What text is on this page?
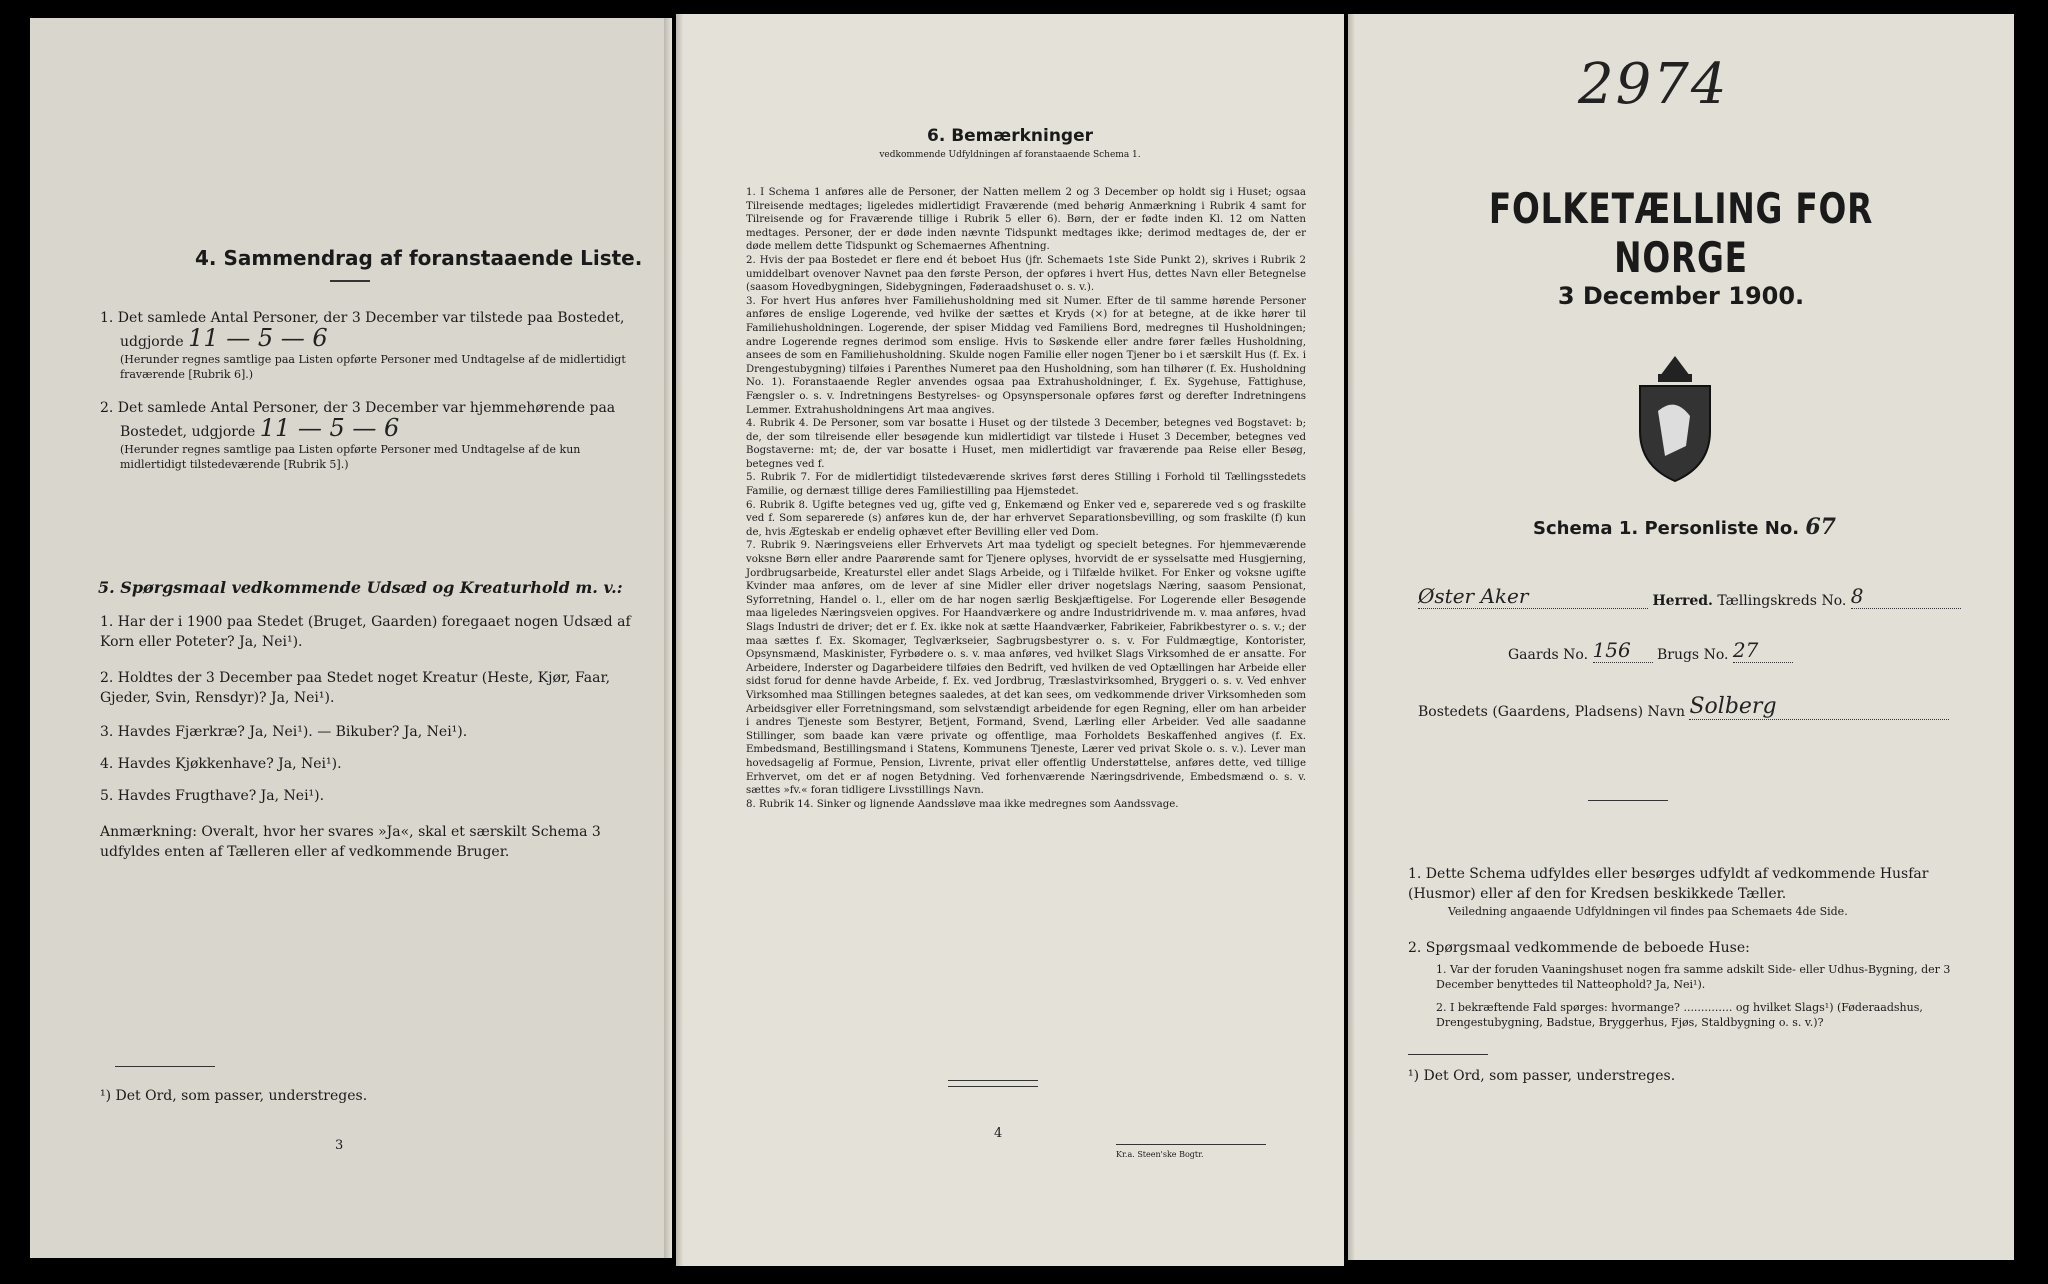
4. Sammendrag af foranstaaende Liste.
1. Det samlede Antal Personer, der 3 December var tilstede paa Bostedet,
udgjorde 11 — 5 — 6
(Herunder regnes samtlige paa Listen opførte Personer med Undtagelse af de midlertidigt fraværende [Rubrik 6].)
2. Det samlede Antal Personer, der 3 December var hjemmehørende paa
Bostedet, udgjorde 11 — 5 — 6
(Herunder regnes samtlige paa Listen opførte Personer med Undtagelse af de kun midlertidigt tilstedeværende [Rubrik 5].)
5. Spørgsmaal vedkommende Udsæd og Kreaturhold m. v.:
1. Har der i 1900 paa Stedet (Bruget, Gaarden) foregaaet nogen Udsæd af Korn eller Poteter? Ja, Nei¹).
2. Holdtes der 3 December paa Stedet noget Kreatur (Heste, Kjør, Faar, Gjeder, Svin, Rensdyr)? Ja, Nei¹).
3. Havdes Fjærkræ? Ja, Nei¹). — Bikuber? Ja, Nei¹).
4. Havdes Kjøkkenhave? Ja, Nei¹).
5. Havdes Frugthave? Ja, Nei¹).
Anmærkning: Overalt, hvor her svares »Ja«, skal et særskilt Schema 3 udfyldes enten af Tælleren eller af vedkommende Bruger.
¹) Det Ord, som passer, understreges.
3
6. Bemærkninger
vedkommende Udfyldningen af foranstaaende Schema 1.

1. I Schema 1 anføres alle de Personer, der Natten mellem 2 og 3 December op holdt sig i Huset; ogsaa Tilreisende medtages; ligeledes midlertidigt Fraværende (med behørig Anmærkning i Rubrik 4 samt for Tilreisende og for Fraværende tillige i Rubrik 5 eller 6). Børn, der er fødte inden Kl. 12 om Natten medtages. Personer, der er døde inden nævnte Tidspunkt medtages ikke; derimod medtages de, der er døde mellem dette Tidspunkt og Schemaernes Afhentning.

2. Hvis der paa Bostedet er flere end ét beboet Hus (jfr. Schemaets 1ste Side Punkt 2), skrives i Rubrik 2 umiddelbart ovenover Navnet paa den første Person, der opføres i hvert Hus, dettes Navn eller Betegnelse (saasom Hovedbygningen, Sidebygningen, Føderaadshuset o. s. v.).

3. For hvert Hus anføres hver Familiehusholdning med sit Numer. Efter de til samme hørende Personer anføres de enslige Logerende, ved hvilke der sættes et Kryds (×) for at betegne, at de ikke hører til Familiehusholdningen. Logerende, der spiser Middag ved Familiens Bord, medregnes til Husholdningen; andre Logerende regnes derimod som enslige. Hvis to Søskende eller andre fører fælles Husholdning, ansees de som en Familiehusholdning. Skulde nogen Familie eller nogen Tjener bo i et særskilt Hus (f. Ex. i Drengestubygning) tilføies i Parenthes Numeret paa den Husholdning, som han tilhører (f. Ex. Husholdning No. 1). Foranstaaende Regler anvendes ogsaa paa Extrahusholdninger, f. Ex. Sygehuse, Fattighuse, Fængsler o. s. v. Indretningens Bestyrelses- og Opsynspersonale opføres først og derefter Indretningens Lemmer. Extrahusholdningens Art maa angives.

4. Rubrik 4. De Personer, som var bosatte i Huset og der tilstede 3 December, betegnes ved Bogstavet: b; de, der som tilreisende eller besøgende kun midlertidigt var tilstede i Huset 3 December, betegnes ved Bogstaverne: mt; de, der var bosatte i Huset, men midlertidigt var fraværende paa Reise eller Besøg, betegnes ved f.

5. Rubrik 7. For de midlertidigt tilstedeværende skrives først deres Stilling i Forhold til Tællingsstedets Familie, og dernæst tillige deres Familiestilling paa Hjemstedet.

6. Rubrik 8. Ugifte betegnes ved ug, gifte ved g, Enkemænd og Enker ved e, separerede ved s og fraskilte ved f. Som separerede (s) anføres kun de, der har erhvervet Separationsbevilling, og som fraskilte (f) kun de, hvis Ægteskab er endelig ophævet efter Bevilling eller ved Dom.

7. Rubrik 9. Næringsveiens eller Erhvervets Art maa tydeligt og specielt betegnes. For hjemmeværende voksne Børn eller andre Paarørende samt for Tjenere oplyses, hvorvidt de er sysselsatte med Husgjerning, Jordbrugsarbeide, Kreaturstel eller andet Slags Arbeide, og i Tilfælde hvilket. For Enker og voksne ugifte Kvinder maa anføres, om de lever af sine Midler eller driver nogetslags Næring, saasom Pensionat, Syforretning, Handel o. l., eller om de har nogen særlig Beskjæftigelse. For Logerende eller Besøgende maa ligeledes Næringsveien opgives. For Haandværkere og andre Industridrivende m. v. maa anføres, hvad Slags Industri de driver; det er f. Ex. ikke nok at sætte Haandværker, Fabrikeier, Fabrikbestyrer o. s. v.; der maa sættes f. Ex. Skomager, Teglværkseier, Sagbrugsbestyrer o. s. v. For Fuldmægtige, Kontorister, Opsynsmænd, Maskinister, Fyrbødere o. s. v. maa anføres, ved hvilket Slags Virksomhed de er ansatte. For Arbeidere, Inderster og Dagarbeidere tilføies den Bedrift, ved hvilken de ved Optællingen har Arbeide eller sidst forud for denne havde Arbeide, f. Ex. ved Jordbrug, Træslastvirksomhed, Bryggeri o. s. v. Ved enhver Virksomhed maa Stillingen betegnes saaledes, at det kan sees, om vedkommende driver Virksomheden som Arbeidsgiver eller Forretningsmand, som selvstændigt arbeidende for egen Regning, eller om han arbeider i andres Tjeneste som Bestyrer, Betjent, Formand, Svend, Lærling eller Arbeider. Ved alle saadanne Stillinger, som baade kan være private og offentlige, maa Forholdets Beskaffenhed angives (f. Ex. Embedsmand, Bestillingsmand i Statens, Kommunens Tjeneste, Lærer ved privat Skole o. s. v.). Lever man hovedsagelig af Formue, Pension, Livrente, privat eller offentlig Understøttelse, anføres dette, ved tillige Erhvervet, om det er af nogen Betydning. Ved forhenværende Næringsdrivende, Embedsmænd o. s. v. sættes »fv.« foran tidligere Livsstillings Navn.

8. Rubrik 14. Sinker og lignende Aandssløve maa ikke medregnes som Aandssvage.

4
Kr.a. Steen'ske Bogtr.
2974
FOLKETÆLLING FOR NORGE
3 December 1900.
Schema 1. Personliste No. 67
Øster Aker	Herred. Tællingskreds No. 8
Gaards No. 156 Brugs No. 27
Bostedets (Gaardens, Pladsens) Navn Solberg
1. Dette Schema udfyldes eller besørges udfyldt af vedkommende Husfar (Husmor) eller af den for Kredsen beskikkede Tæller.
Veiledning angaaende Udfyldningen vil findes paa Schemaets 4de Side.
2. Spørgsmaal vedkommende de beboede Huse:
1. Var der foruden Vaaningshuset nogen fra samme adskilt Side- eller Udhus-Bygning, der 3 December benyttedes til Natteophold? Ja, Nei¹).
2. I bekræftende Fald spørges: hvormange? .............. og hvilket Slags¹) (Føderaadshus, Drengestubygning, Badstue, Bryggerhus, Fjøs, Staldbygning o. s. v.)?
¹) Det Ord, som passer, understreges.
